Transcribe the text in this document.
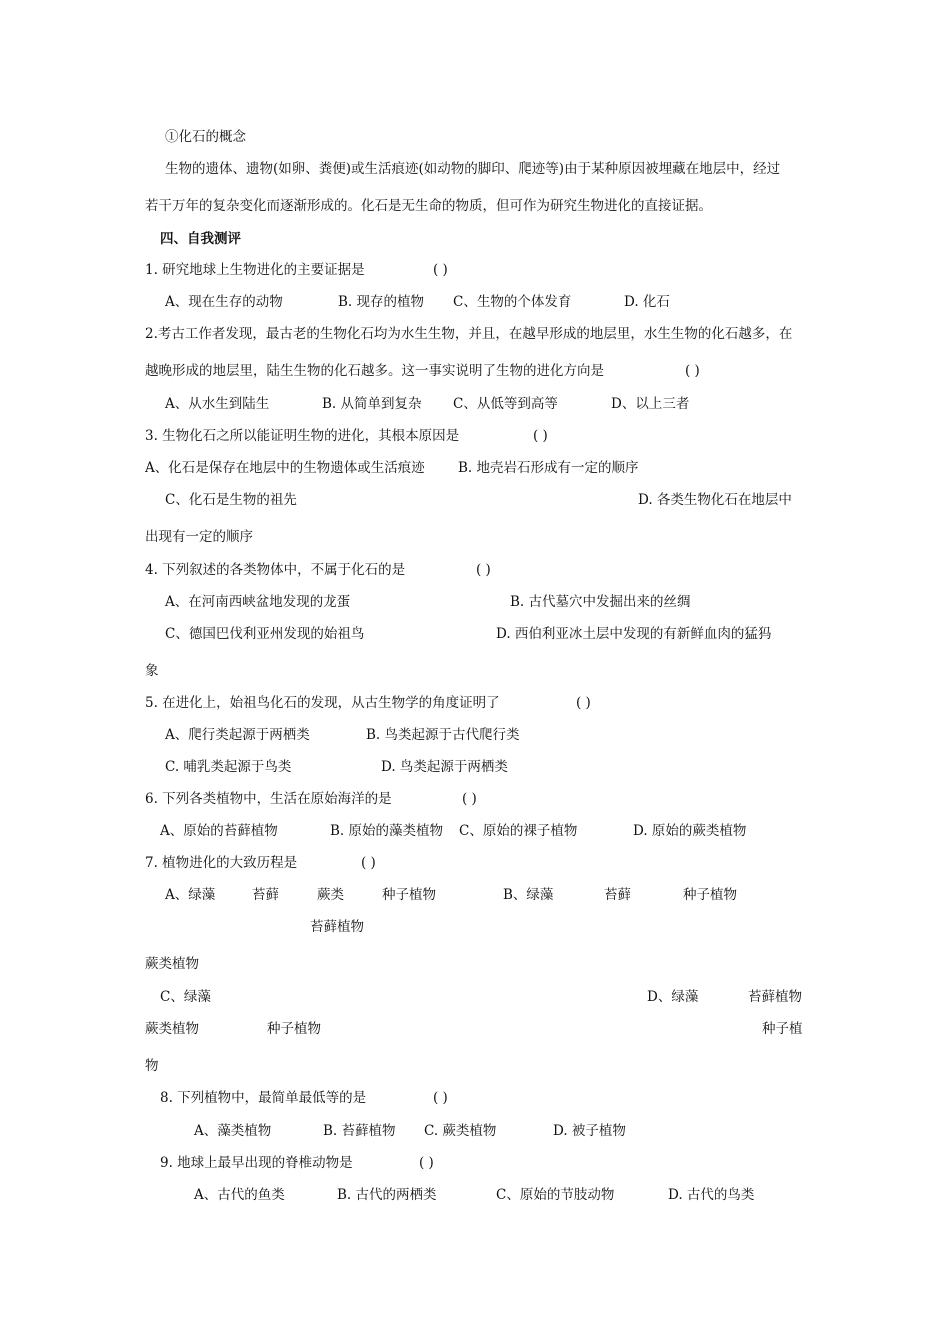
①化石的概念
生物的遗体、遗物(如卵、粪便)或生活痕迹(如动物的脚印、爬迹等)由于某种原因被埋藏在地层中，经过
若干万年的复杂变化而逐渐形成的。化石是无生命的物质，但可作为研究生物进化的直接证据。
四、自我测评
1. 研究地球上生物进化的主要证据是	( )
A、现在生存的动物	B. 现存的植物 C、生物的个体发育	D. 化石
2.考古工作者发现，最古老的生物化石均为水生生物，并且，在越早形成的地层里，水生生物的化石越多，在
越晚形成的地层里，陆生生物的化石越多。这一事实说明了生物的进化方向是	( )
A、从水生到陆生	B. 从简单到复杂 C、从低等到高等	D、以上三者
3. 生物化石之所以能证明生物的进化，其根本原因是	( )
A、化石是保存在地层中的生物遗体或生活痕迹 B. 地壳岩石形成有一定的顺序
C、化石是生物的祖先	D. 各类生物化石在地层中
出现有一定的顺序
4. 下列叙述的各类物体中，不属于化石的是	( )
A、在河南西峡盆地发现的龙蛋	B. 古代墓穴中发掘出来的丝绸
C、德国巴伐利亚州发现的始祖鸟	D. 西伯利亚冰土层中发现的有新鲜血肉的猛犸
象
5. 在进化上，始祖鸟化石的发现，从古生物学的角度证明了	( )
A、爬行类起源于两栖类	B. 鸟类起源于古代爬行类
C. 哺乳类起源于鸟类	D. 鸟类起源于两栖类
6. 下列各类植物中，生活在原始海洋的是	( )
A、原始的苔藓植物	B. 原始的藻类植物 C、原始的裸子植物	D. 原始的蕨类植物
7. 植物进化的大致历程是	( )
A、绿藻	苔藓	蕨类	种子植物	B、绿藻	苔藓	种子植物
苔藓植物
蕨类植物
C、绿藻	D、绿藻	苔藓植物
蕨类植物	种子植物	种子植
物
8. 下列植物中，最简单最低等的是	( )
A、藻类植物	B. 苔藓植物 C. 蕨类植物	D. 被子植物
9. 地球上最早出现的脊椎动物是	( )
A、古代的鱼类	B. 古代的两栖类	C、原始的节肢动物	D. 古代的鸟类
